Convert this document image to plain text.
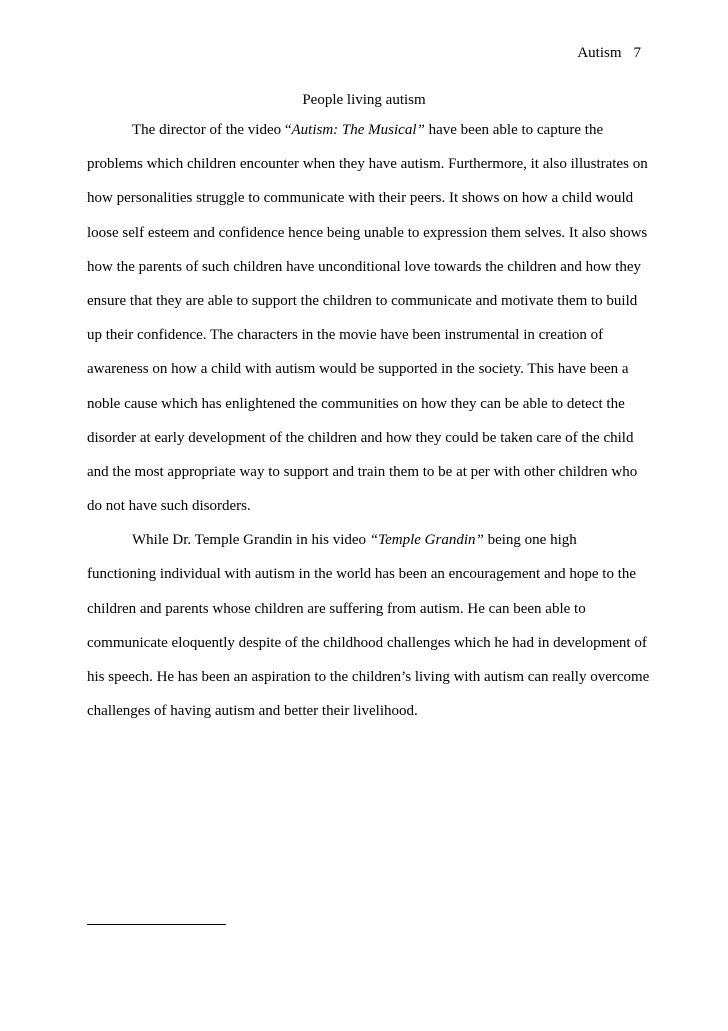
Autism 7
People living autism
The director of the video “Autism: The Musical” have been able to capture the
problems which children encounter when they have autism. Furthermore, it also illustrates on
how personalities struggle to communicate with their peers. It shows on how a child would
loose self esteem and confidence hence being unable to expression them selves. It also shows
how the parents of such children have unconditional love towards the children and how they
ensure that they are able to support the children to communicate and motivate them to build
up their confidence. The characters in the movie have been instrumental in creation of
awareness on how a child with autism would be supported in the society. This have been a
noble cause which has enlightened the communities on how they can be able to detect the
disorder at early development of the children and how they could be taken care of the child
and the most appropriate way to support and train them to be at per with other children who
do not have such disorders.
While Dr. Temple Grandin in his video “Temple Grandin” being one high
functioning individual with autism in the world has been an encouragement and hope to the
children and parents whose children are suffering from autism. He can been able to
communicate eloquently despite of the childhood challenges which he had in development of
his speech. He has been an aspiration to the children’s living with autism can really overcome
challenges of having autism and better their livelihood.
